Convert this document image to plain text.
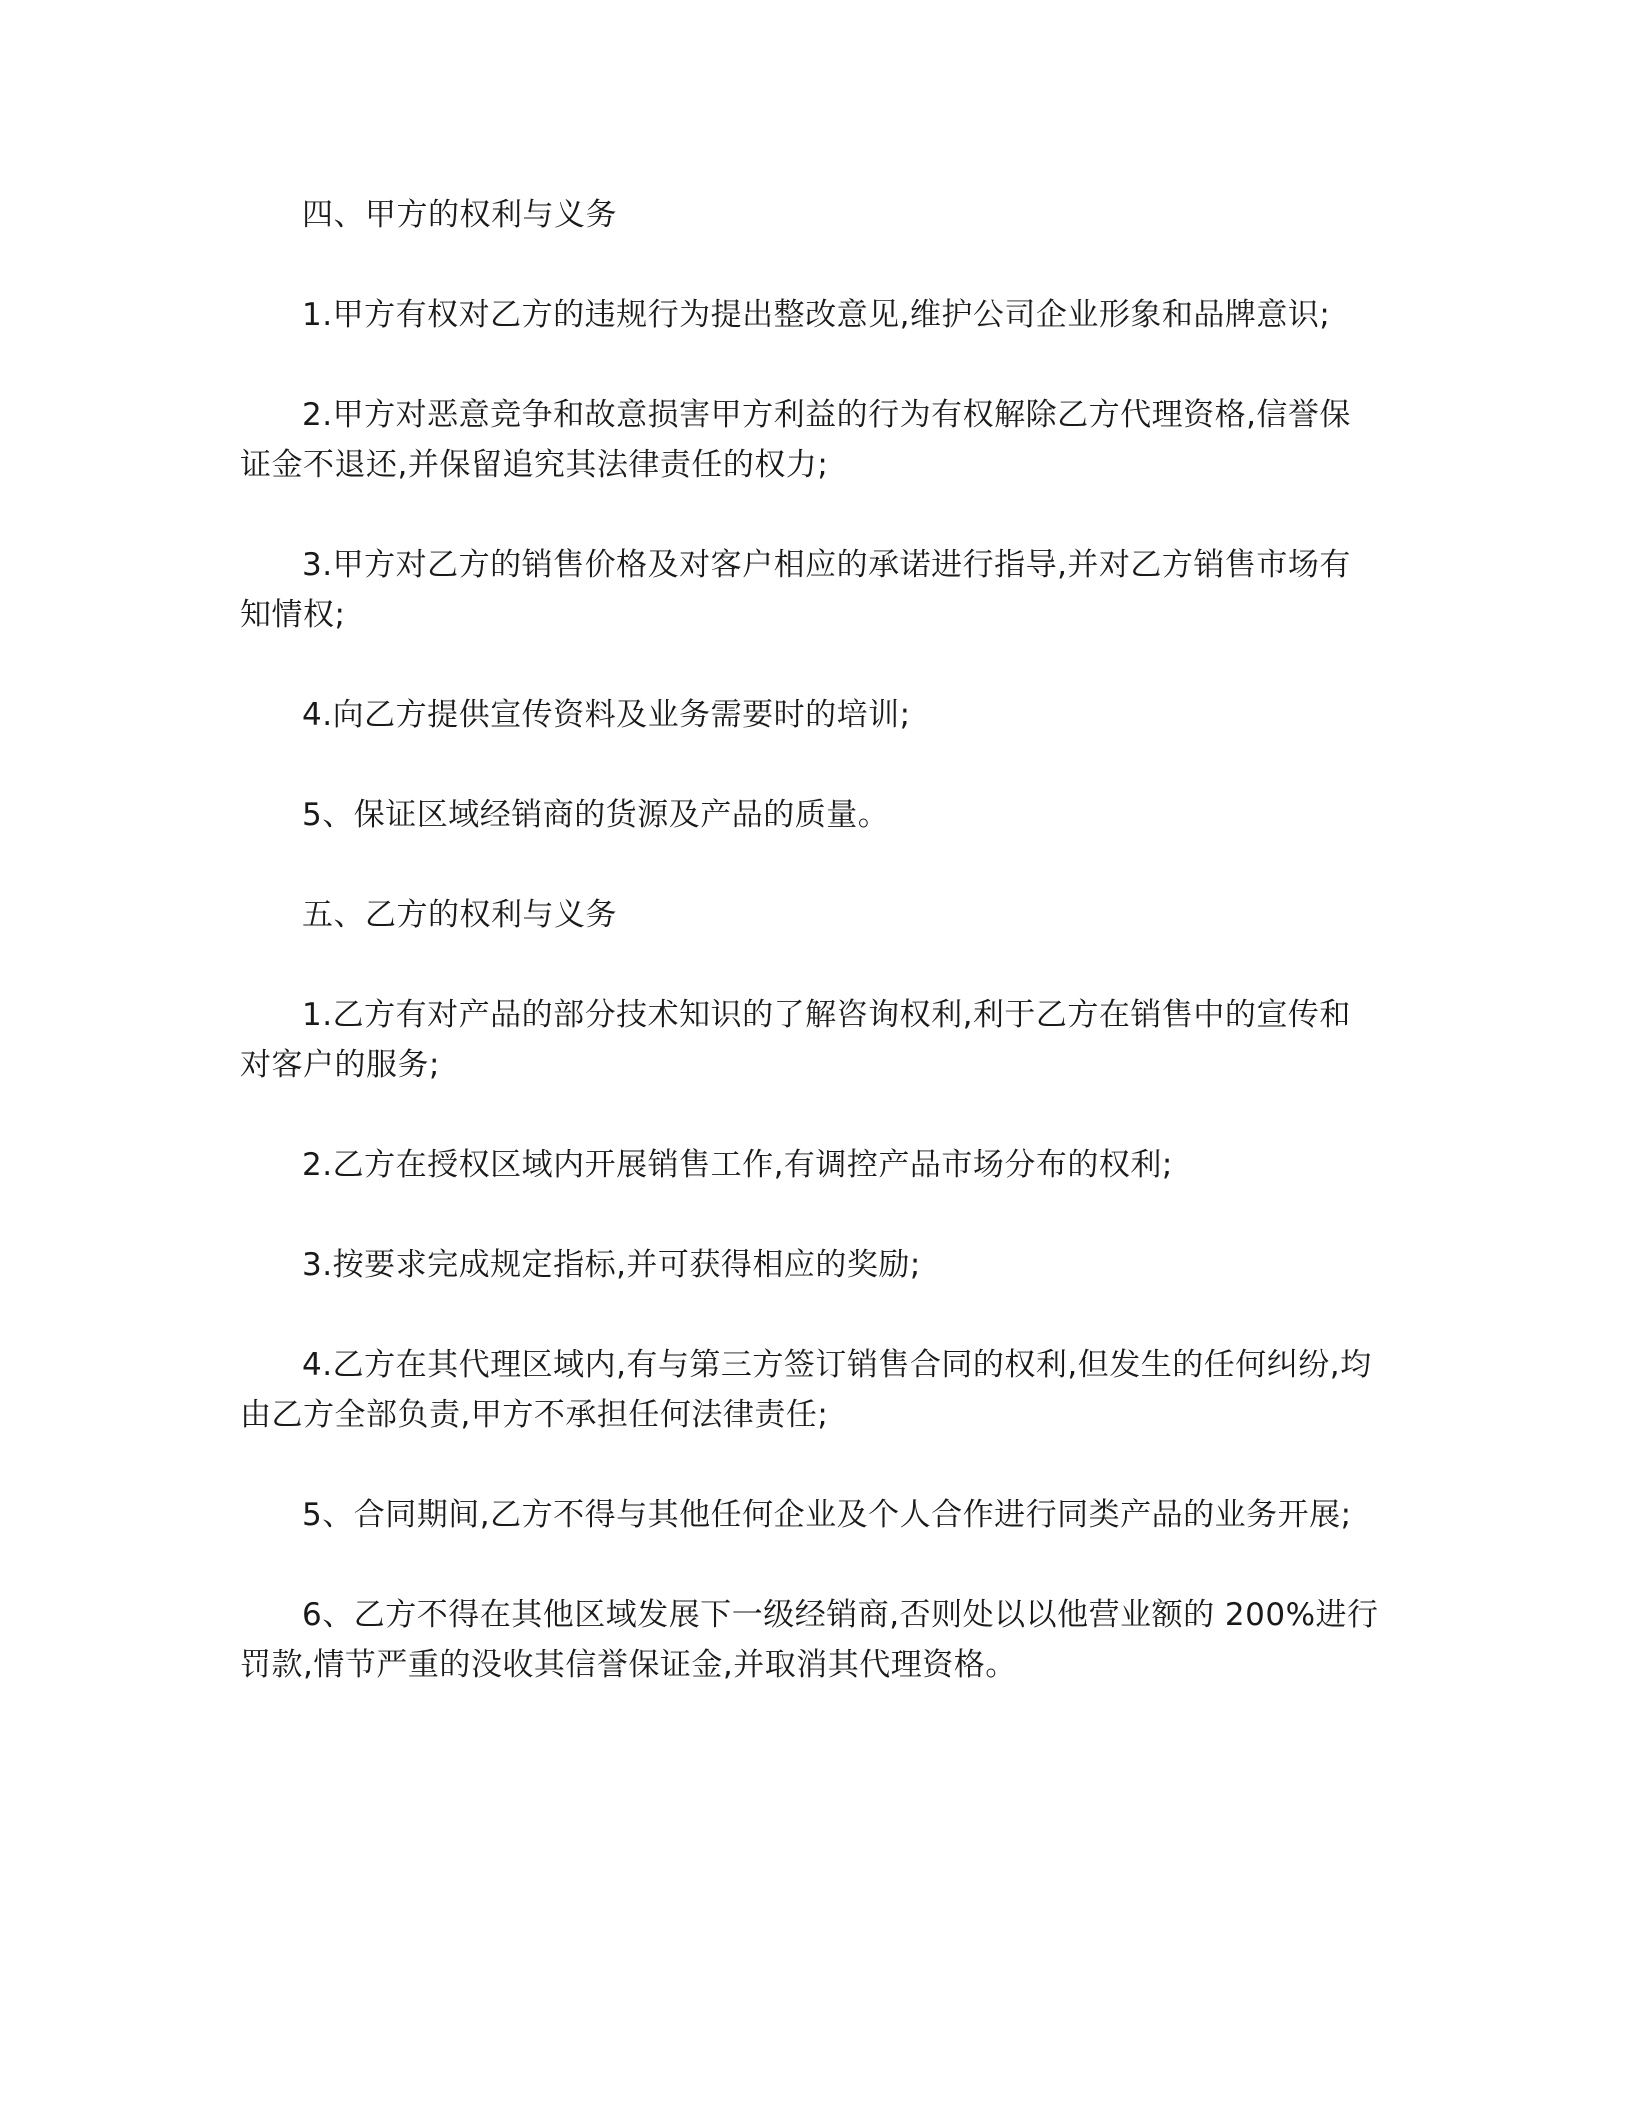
四、甲方的权利与义务

1.甲方有权对乙方的违规行为提出整改意见,维护公司企业形象和品牌意识;

2.甲方对恶意竞争和故意损害甲方利益的行为有权解除乙方代理资格,信誉保证金不退还,并保留追究其法律责任的权力;

3.甲方对乙方的销售价格及对客户相应的承诺进行指导,并对乙方销售市场有知情权;

4.向乙方提供宣传资料及业务需要时的培训;

5、保证区域经销商的货源及产品的质量。

五、乙方的权利与义务

1.乙方有对产品的部分技术知识的了解咨询权利,利于乙方在销售中的宣传和对客户的服务;

2.乙方在授权区域内开展销售工作,有调控产品市场分布的权利;

3.按要求完成规定指标,并可获得相应的奖励;

4.乙方在其代理区域内,有与第三方签订销售合同的权利,但发生的任何纠纷,均由乙方全部负责,甲方不承担任何法律责任;

5、合同期间,乙方不得与其他任何企业及个人合作进行同类产品的业务开展;

6、乙方不得在其他区域发展下一级经销商,否则处以以他营业额的 200%进行罚款,情节严重的没收其信誉保证金,并取消其代理资格。
